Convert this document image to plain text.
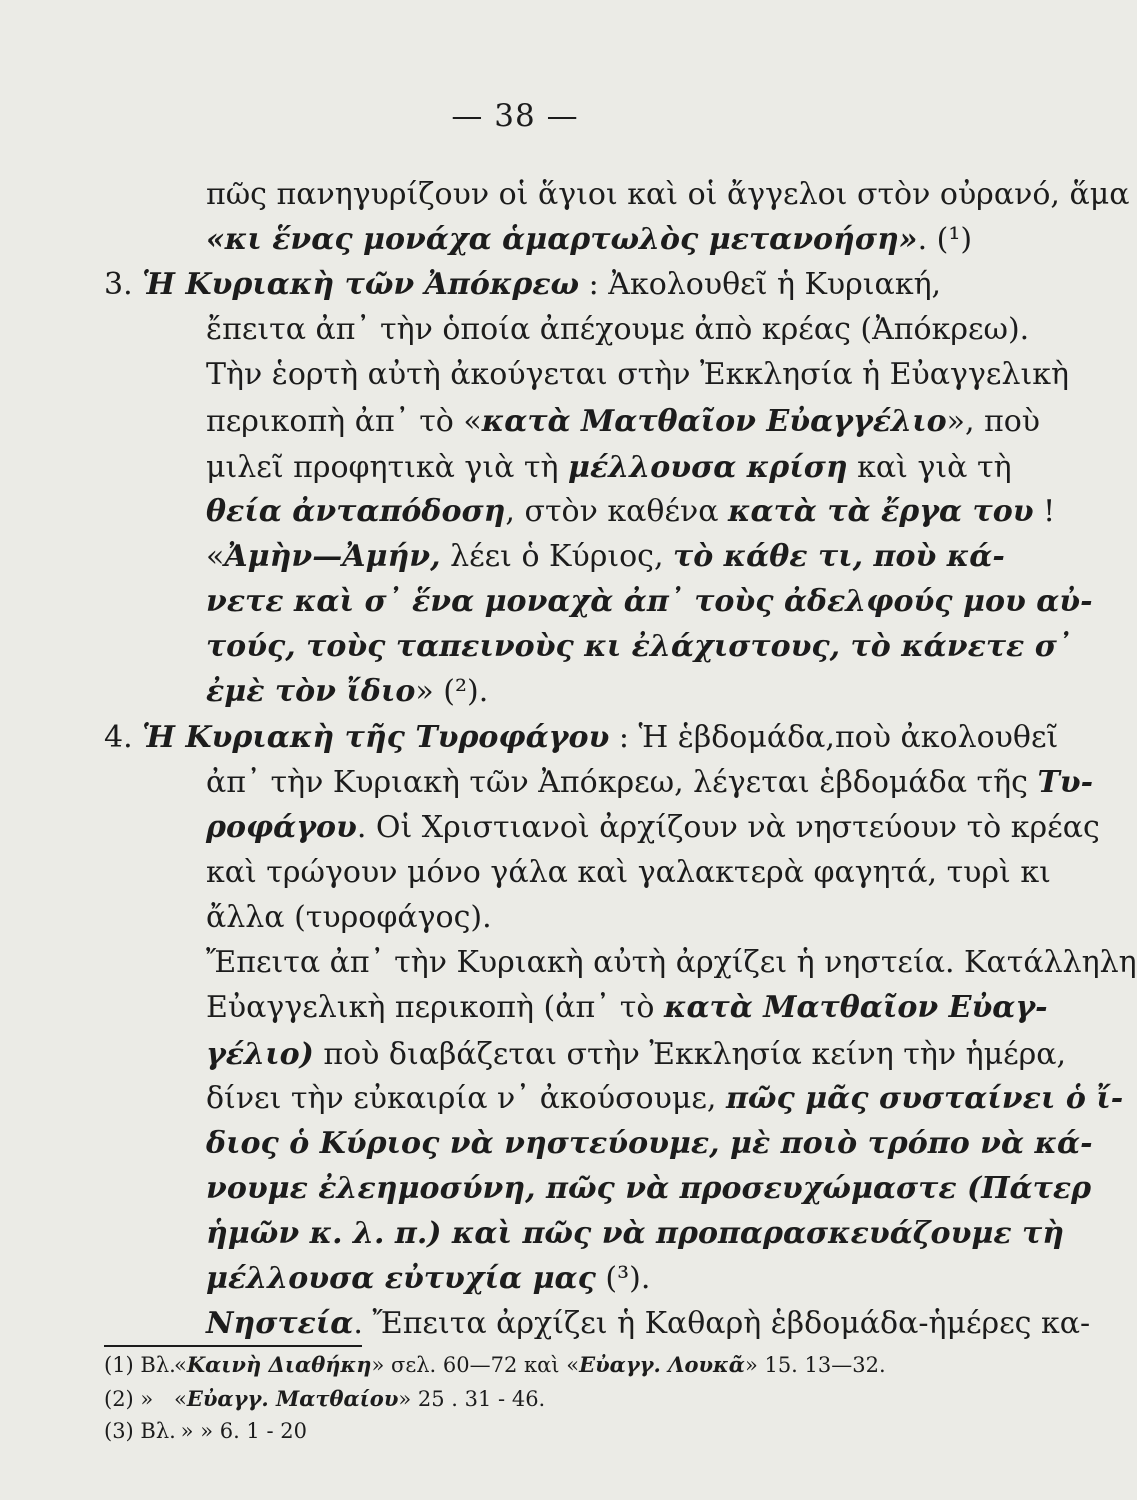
— 38 —
πῶς πανηγυρίζουν οἱ ἅγιοι καὶ οἱ ἄγγελοι στὸν οὐρανό, ἅμα
«κι ἕνας μονάχα ἁμαρτωλὸς μετανοήση». (¹)
3. Ἡ Κυριακὴ τῶν Ἀπόκρεω : Ἀκολουθεῖ ἡ Κυριακή,
ἔπειτα ἀπ᾽ τὴν ὁποία ἀπέχουμε ἀπὸ κρέας (Ἀπόκρεω).
Τὴν ἑορτὴ αὐτὴ ἀκούγεται στὴν Ἐκκλησία ἡ Εὐαγγελικὴ
περικοπὴ ἀπ᾽ τὸ «κατὰ Ματθαῖον Εὐαγγέλιο», ποὺ
μιλεῖ προφητικὰ γιὰ τὴ μέλλουσα κρίση καὶ γιὰ τὴ
θεία ἀνταπόδοση, στὸν καθένα κατὰ τὰ ἔργα του !
«Ἀμὴν—Ἀμήν, λέει ὁ Κύριος, τὸ κάθε τι, ποὺ κά-
νετε καὶ σ᾽ ἕνα μοναχὰ ἀπ᾽ τοὺς ἀδελφούς μου αὐ-
τούς, τοὺς ταπεινοὺς κι ἐλάχιστους, τὸ κάνετε σ᾽
ἐμὲ τὸν ἴδιο» (²).
4. Ἡ Κυριακὴ τῆς Τυροφάγου : Ἡ ἑβδομάδα,ποὺ ἀκολουθεῖ
ἀπ᾽ τὴν Κυριακὴ τῶν Ἀπόκρεω, λέγεται ἑβδομάδα τῆς Τυ-
ροφάγου. Οἱ Χριστιανοὶ ἀρχίζουν νὰ νηστεύουν τὸ κρέας
καὶ τρώγουν μόνο γάλα καὶ γαλακτερὰ φαγητά, τυρὶ κι
ἄλλα (τυροφάγος).
Ἔπειτα ἀπ᾽ τὴν Κυριακὴ αὐτὴ ἀρχίζει ἡ νηστεία. Κατάλληλη
Εὐαγγελικὴ περικοπὴ (ἀπ᾽ τὸ κατὰ Ματθαῖον Εὐαγ-
γέλιο) ποὺ διαβάζεται στὴν Ἐκκλησία κείνη τὴν ἡμέρα,
δίνει τὴν εὐκαιρία ν᾽ ἀκούσουμε, πῶς μᾶς συσταίνει ὁ ἴ-
διος ὁ Κύριος νὰ νηστεύουμε, μὲ ποιὸ τρόπο νὰ κά-
νουμε ἐλεημοσύνη, πῶς νὰ προσευχώμαστε (Πάτερ
ἡμῶν κ. λ. π.) καὶ πῶς νὰ προπαρασκευάζουμε τὴ
μέλλουσα εὐτυχία μας (³).
Νηστεία. Ἔπειτα ἀρχίζει ἡ Καθαρὴ ἑβδομάδα-ἡμέρες κα-
(1) Βλ.«Καινὴ Διαθήκη» σελ. 60—72 καὶ «Εὐαγγ. Λουκᾶ» 15. 13—32.
(2) » «Εὐαγγ. Ματθαίου» 25 . 31 - 46.
(3) Βλ. » » 6. 1 - 20
